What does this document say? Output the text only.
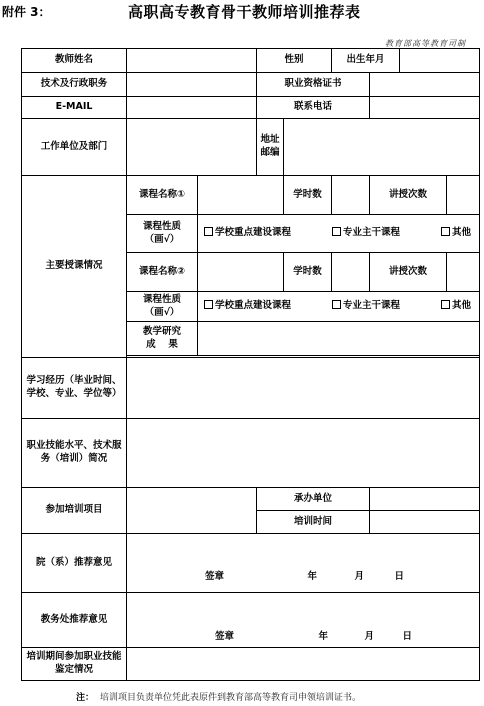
附件 3：	高职高专教育骨干教师培训推荐表
教育部高等教育司制
教师姓名			性别		出生年月			
技术及行政职务			职业资格证书					
E-MAIL			联系电话					
工作单位及部门			地址
邮编					
主要授课情况	课程名称①			学时数		讲授次数		
	课程性质
（画√）	学校重点建设课程 专业主干课程 其他						

	课程名称②			学时数		讲授次数		
	课程性质
（画√）	学校重点建设课程 专业主干课程 其他						

	教学研究
成　 果							

学习经历（毕业时间、学校、专业、学位等）								
职业技能水平、技术服务（培训）简况								
参加培训项目			承办单位					
			培训时间					
院（系）推荐意见	签章 年 月 日							

教务处推荐意见	签章 年 月 日							

培训期间参加职业技能鉴定情况								
注： 培训项目负责单位凭此表原件到教育部高等教育司申领培训证书。
